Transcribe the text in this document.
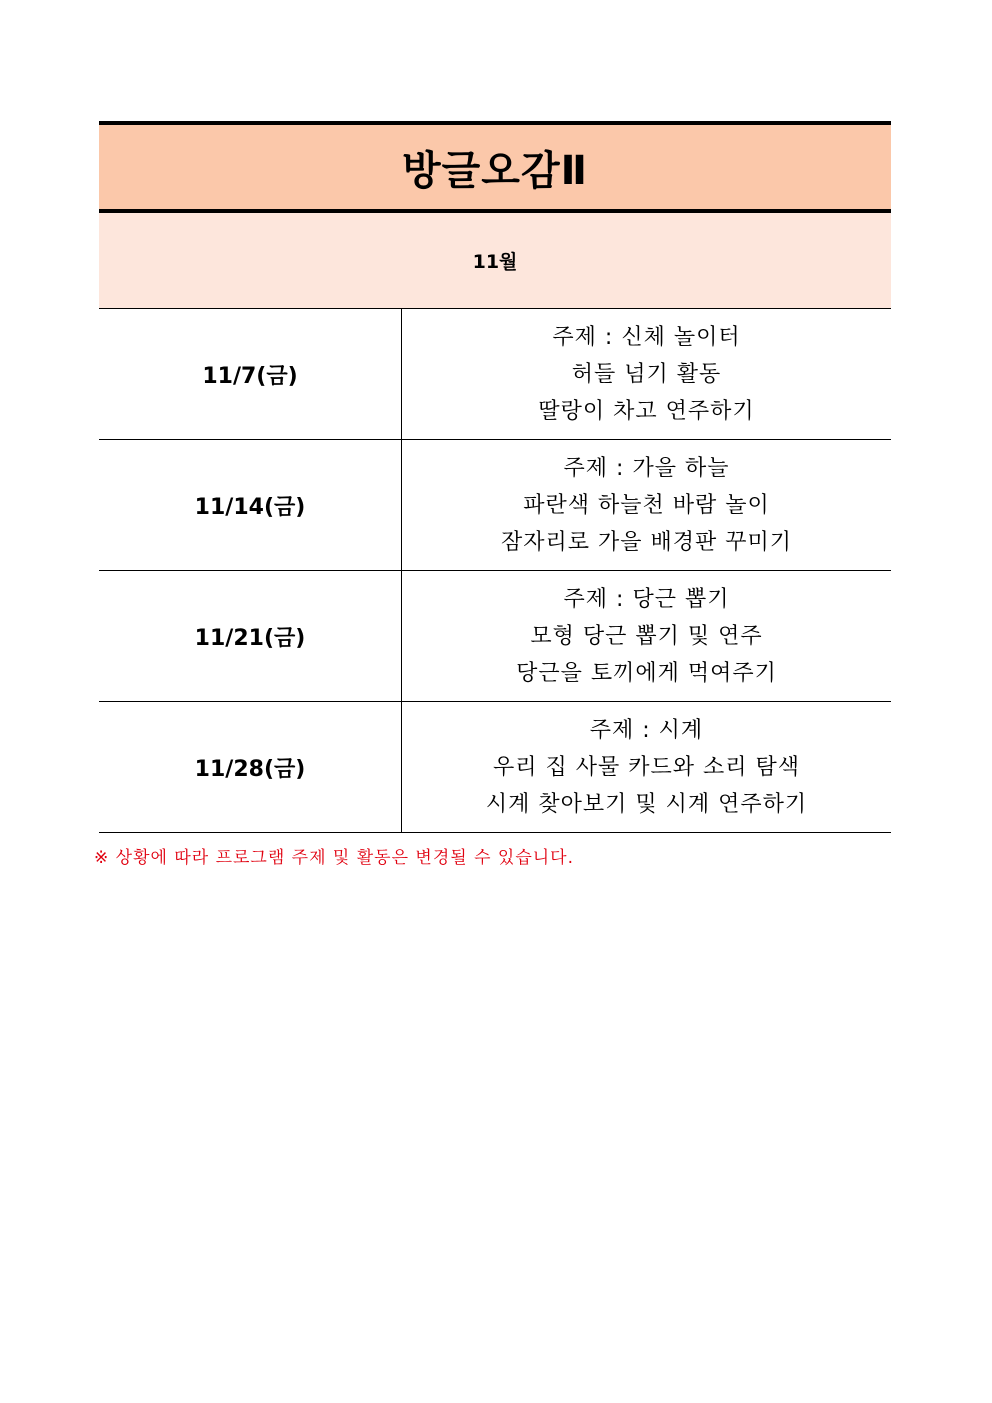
방글오감Ⅱ
11월
11/7(금)
주제 : 신체 놀이터
허들 넘기 활동
딸랑이 차고 연주하기
11/14(금)
주제 : 가을 하늘
파란색 하늘천 바람 놀이
잠자리로 가을 배경판 꾸미기
11/21(금)
주제 : 당근 뽑기
모형 당근 뽑기 및 연주
당근을 토끼에게 먹여주기
11/28(금)
주제 : 시계
우리 집 사물 카드와 소리 탐색
시계 찾아보기 및 시계 연주하기
※ 상황에 따라 프로그램 주제 및 활동은 변경될 수 있습니다.
